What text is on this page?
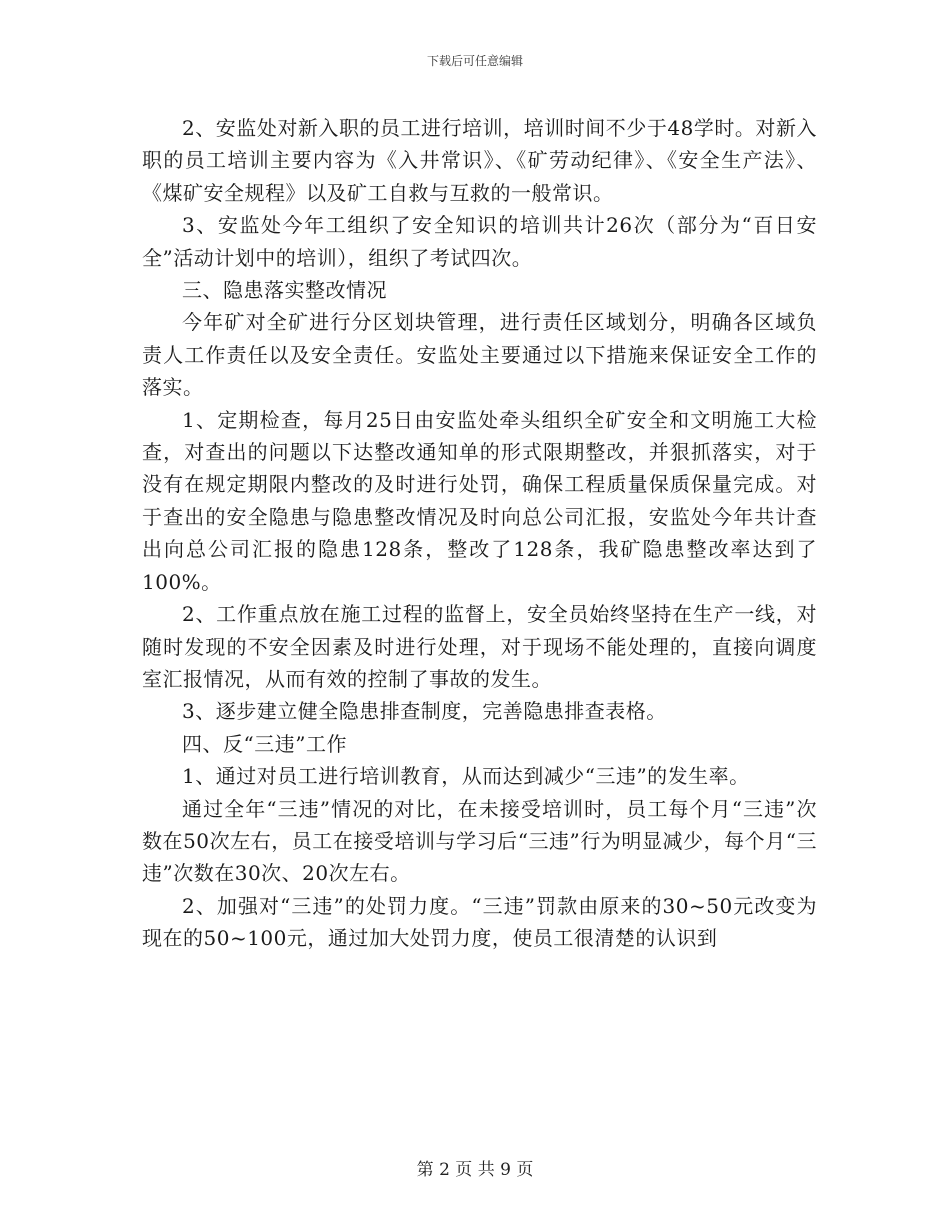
下载后可任意编辑

2、安监处对新入职的员工进行培训，培训时间不少于48学时。对新入职的员工培训主要内容为《入井常识》、《矿劳动纪律》、《安全生产法》、《煤矿安全规程》以及矿工自救与互救的一般常识。

3、安监处今年工组织了安全知识的培训共计26次（部分为“百日安全”活动计划中的培训），组织了考试四次。

三、隐患落实整改情况

今年矿对全矿进行分区划块管理，进行责任区域划分，明确各区域负责人工作责任以及安全责任。安监处主要通过以下措施来保证安全工作的落实。

1、定期检查，每月25日由安监处牵头组织全矿安全和文明施工大检查，对查出的问题以下达整改通知单的形式限期整改，并狠抓落实，对于没有在规定期限内整改的及时进行处罚，确保工程质量保质保量完成。对于查出的安全隐患与隐患整改情况及时向总公司汇报，安监处今年共计查出向总公司汇报的隐患128条，整改了128条，我矿隐患整改率达到了100%。

2、工作重点放在施工过程的监督上，安全员始终坚持在生产一线，对随时发现的不安全因素及时进行处理，对于现场不能处理的，直接向调度室汇报情况，从而有效的控制了事故的发生。

3、逐步建立健全隐患排查制度，完善隐患排查表格。

四、反“三违”工作

1、通过对员工进行培训教育，从而达到减少“三违”的发生率。

通过全年“三违”情况的对比，在未接受培训时，员工每个月“三违”次数在50次左右，员工在接受培训与学习后“三违”行为明显减少，每个月“三违”次数在30次、20次左右。

2、加强对“三违”的处罚力度。“三违”罚款由原来的30~50元改变为现在的50~100元，通过加大处罚力度，使员工很清楚的认识到

第 2 页 共 9 页
